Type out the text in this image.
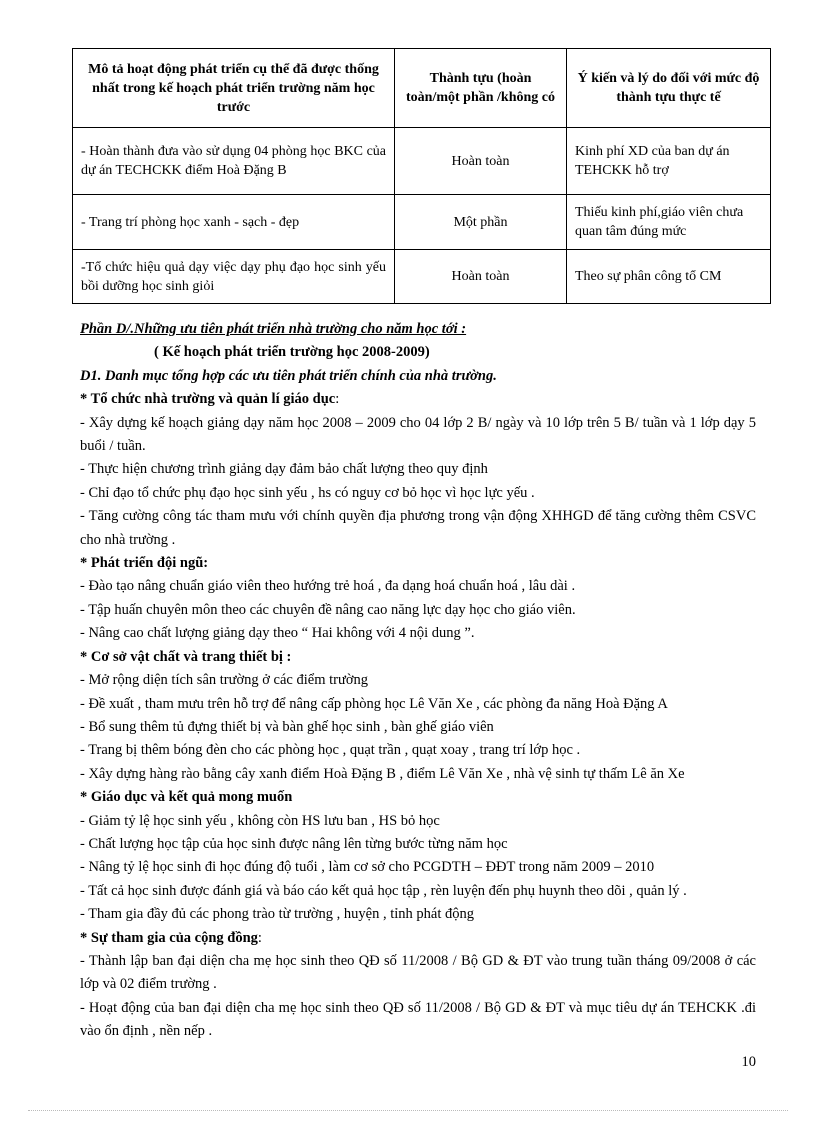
Mô tả hoạt động phát triển cụ thể đã được thống nhất trong kế hoạch phát triển trường năm học trước	Thành tựu (hoàn toàn/một phần /không có	Ý kiến và lý do đối với mức độ thành tựu thực tế
- Hoàn thành đưa vào sử dụng 04 phòng học BKC của dự án TECHCKK điểm Hoà Đặng B	Hoàn toàn	Kinh phí XD của ban dự án TEHCKK hỗ trợ
- Trang trí phòng học xanh - sạch - đẹp	Một phần	Thiếu kinh phí,giáo viên chưa quan tâm đúng mức
-Tổ chức hiệu quả dạy việc dạy phụ đạo học sinh yếu bồi dưỡng học sinh giỏi	Hoàn toàn	Theo sự phân công tổ CM

Phần D/.Những ưu tiên phát triển nhà trường cho năm học tới :

( Kế hoạch phát triển trường học 2008-2009)

D1. Danh mục tổng hợp các ưu tiên phát triển chính của nhà trường.

* Tổ chức nhà trường và quản lí giáo dục:

- Xây dựng kế hoạch giảng dạy năm học 2008 – 2009 cho 04 lớp 2 B/ ngày và 10 lớp trên 5 B/ tuần và 1 lớp dạy 5 buổi / tuần.

- Thực hiện chương trình giảng dạy đảm bảo chất lượng theo quy định

- Chỉ đạo tổ chức phụ đạo học sinh yếu , hs có nguy cơ bỏ học vì học lực yếu .

- Tăng cường công tác tham mưu với chính quyền địa phương trong vận động XHHGD để tăng cường thêm CSVC cho nhà trường .

* Phát triển đội ngũ:

- Đào tạo nâng chuẩn giáo viên theo hướng trẻ hoá , đa dạng hoá chuẩn hoá , lâu dài .

- Tập huấn chuyên môn theo các chuyên đề nâng cao năng lực dạy học cho giáo viên.

- Nâng cao chất lượng giảng dạy theo “ Hai không với 4 nội dung ”.

* Cơ sở vật chất và trang thiết bị :

- Mở rộng diện tích sân trường ở các điểm trường

- Đề xuất , tham mưu trên hỗ trợ để nâng cấp phòng học Lê Văn Xe , các phòng đa năng Hoà Đặng A

- Bổ sung thêm tủ đựng thiết bị và bàn ghế học sinh , bàn ghế giáo viên

- Trang bị thêm bóng đèn cho các phòng học , quạt trần , quạt xoay , trang trí lớp học .

- Xây dựng hàng rào bằng cây xanh điểm Hoà Đặng B , điểm Lê Văn Xe , nhà vệ sinh tự thấm Lê ăn Xe

* Giáo dục và kết quả mong muốn

- Giảm tỷ lệ học sinh yếu , không còn HS lưu ban , HS bỏ học

- Chất lượng học tập của học sinh được nâng lên từng bước từng năm học

- Nâng tỷ lệ học sinh đi học đúng độ tuổi , làm cơ sở cho PCGDTH – ĐĐT trong năm 2009 – 2010

- Tất cả học sinh được đánh giá và báo cáo kết quả học tập , rèn luyện đến phụ huynh theo dõi , quản lý .

- Tham gia đầy đủ các phong trào từ trường , huyện , tỉnh phát động

* Sự tham gia của cộng đồng:

- Thành lập ban đại diện cha mẹ học sinh theo QĐ số 11/2008 / Bộ GD & ĐT vào trung tuần tháng 09/2008 ở các lớp và 02 điểm trường .

- Hoạt động của ban đại diện cha mẹ học sinh theo QĐ số 11/2008 / Bộ GD & ĐT và mục tiêu dự án TEHCKK .đi vào ổn định , nền nếp .

10
